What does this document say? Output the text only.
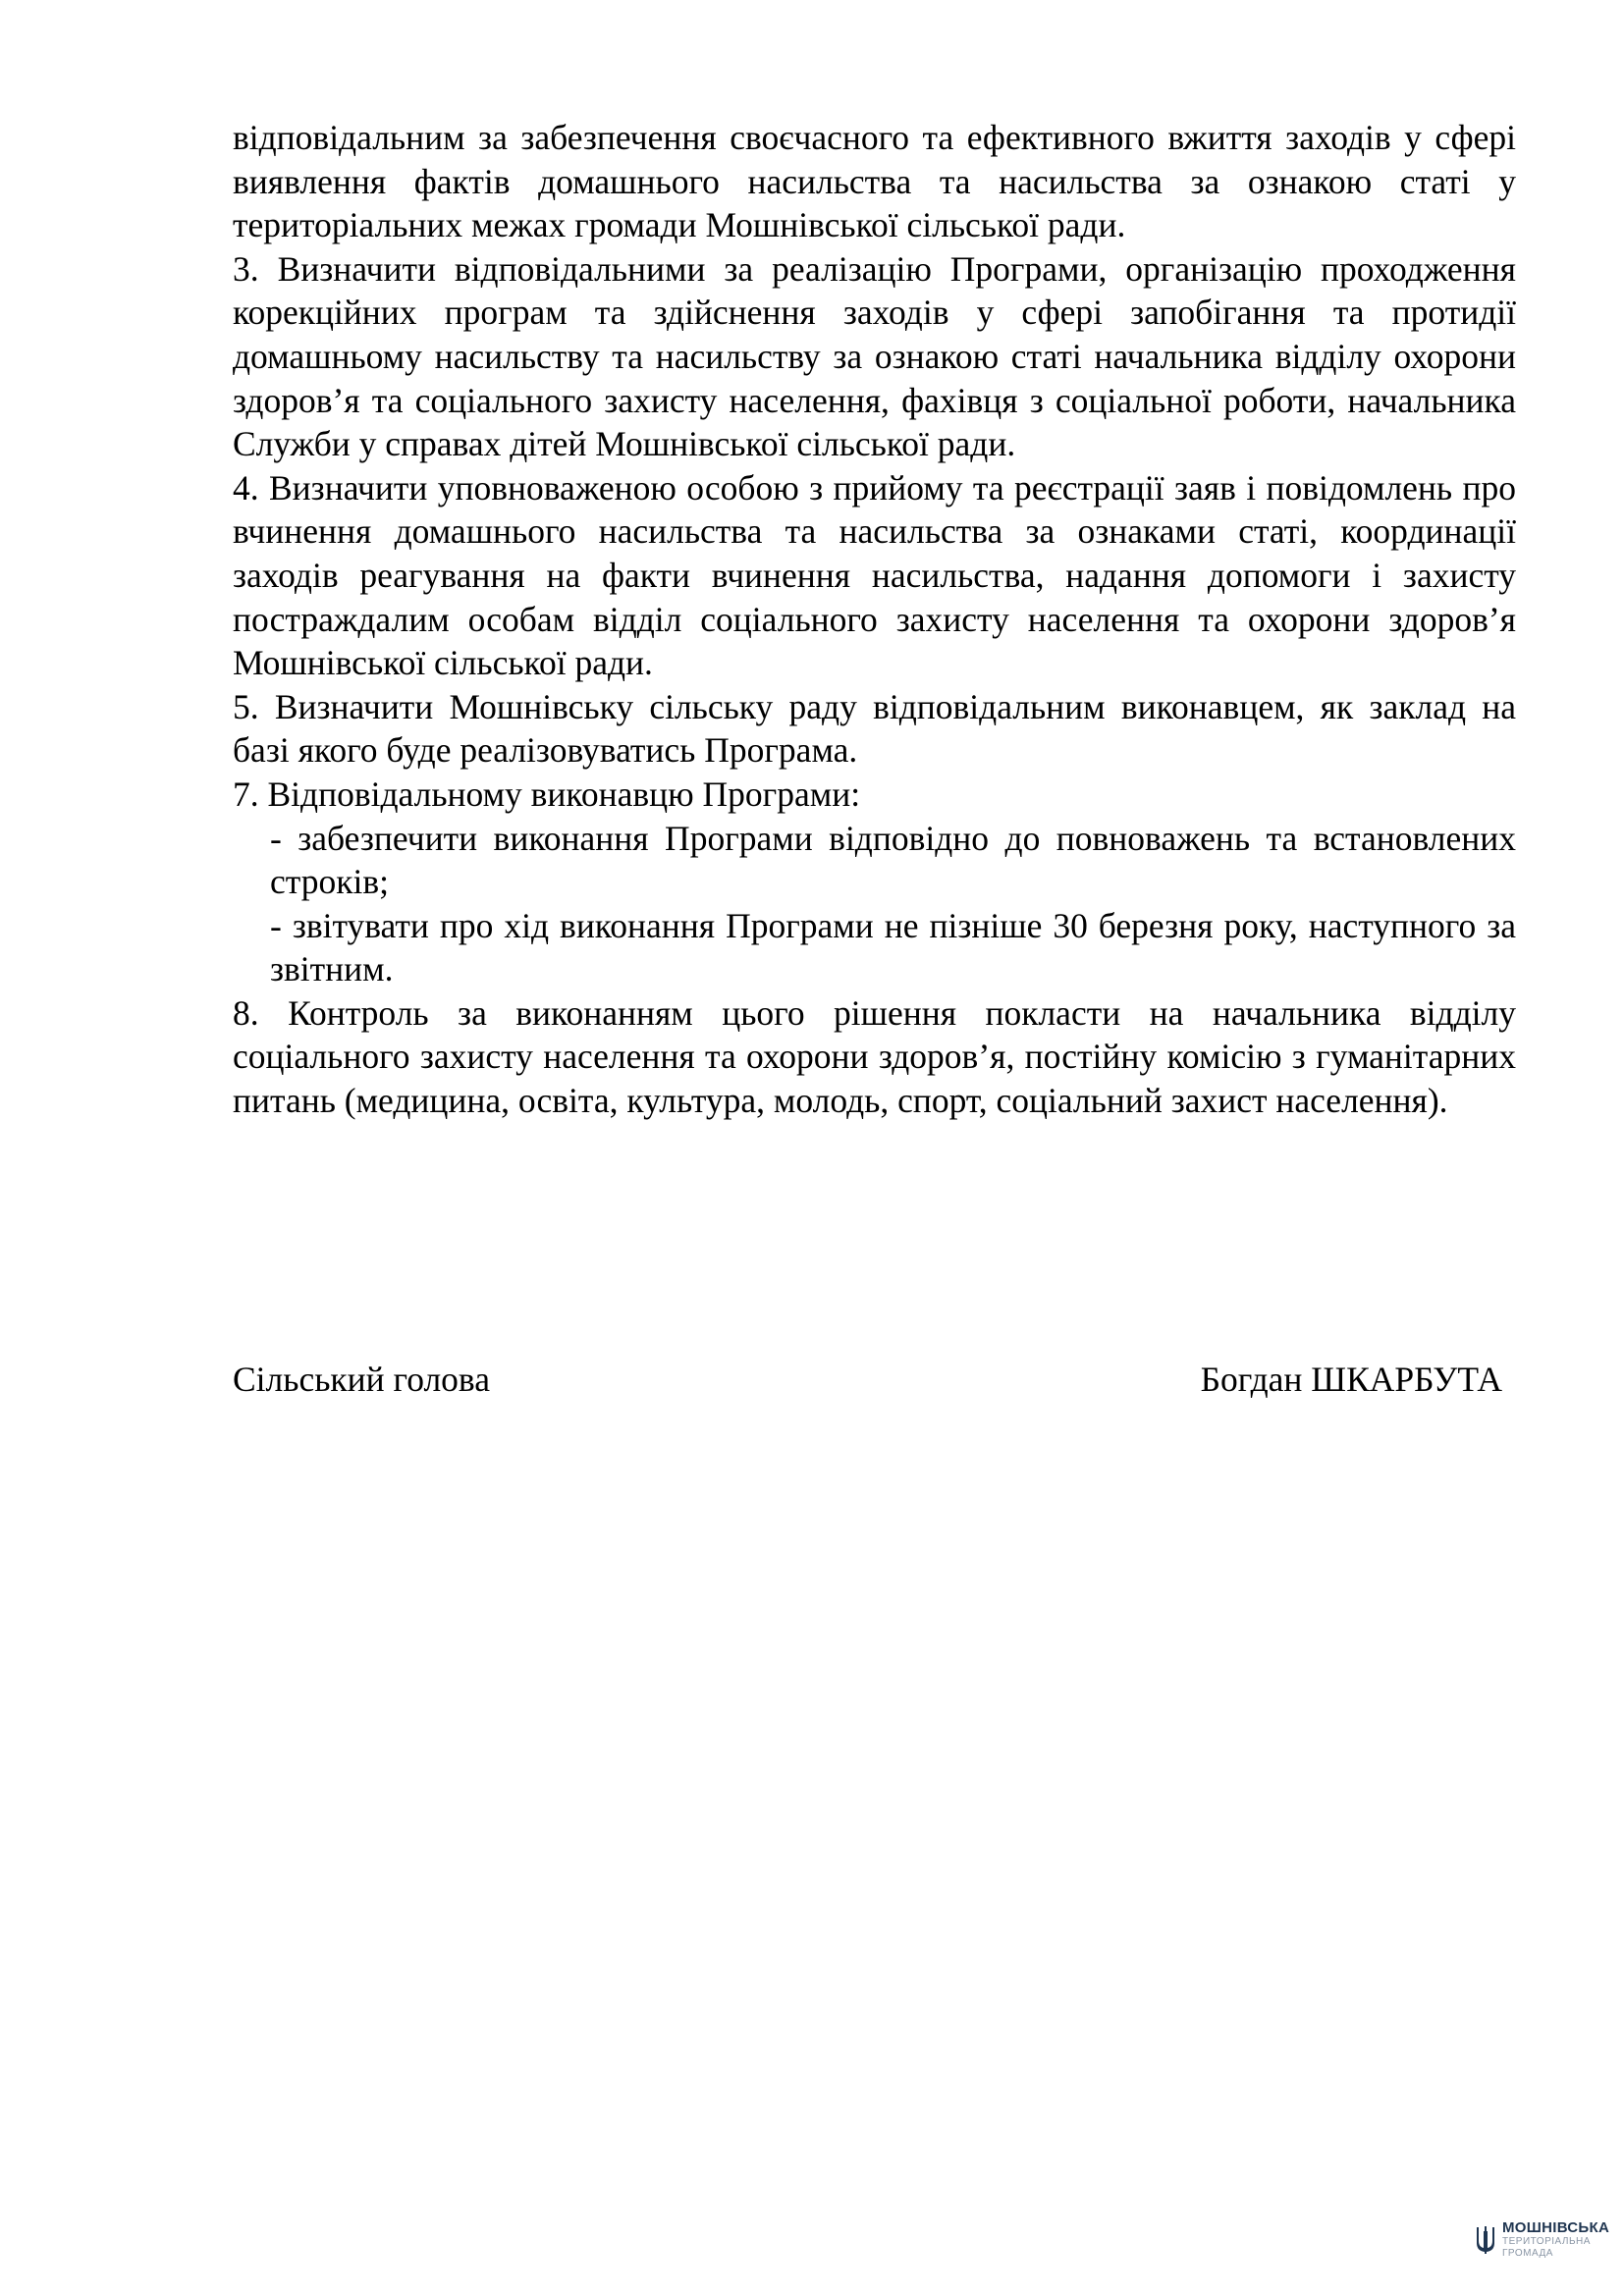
відповідальним за забезпечення своєчасного та ефективного вжиття заходів у сфері виявлення фактів домашнього насильства та насильства за ознакою статі у територіальних межах громади Мошнівської сільської ради.

3. Визначити відповідальними за реалізацію Програми, організацію проходження корекційних програм та здійснення заходів у сфері запобігання та протидії домашньому насильству та насильству за ознакою статі начальника відділу охорони здоров’я та соціального захисту населення, фахівця з соціальної роботи, начальника Служби у справах дітей Мошнівської сільської ради.

4. Визначити уповноваженою особою з прийому та реєстрації заяв і повідомлень про вчинення домашнього насильства та насильства за ознаками статі, координації заходів реагування на факти вчинення насильства, надання допомоги і захисту постраждалим особам відділ соціального захисту населення та охорони здоров’я Мошнівської сільської ради.

5. Визначити Мошнівську сільську раду відповідальним виконавцем, як заклад на базі якого буде реалізовуватись Програма.

7. Відповідальному виконавцю Програми:

- забезпечити виконання Програми відповідно до повноважень та встановлених строків;

- звітувати про хід виконання Програми не пізніше 30 березня року, наступного за звітним.

8. Контроль за виконанням цього рішення покласти на начальника відділу соціального захисту населення та охорони здоров’я, постійну комісію з гуманітарних питань (медицина, освіта, культура, молодь, спорт, соціальний захист населення).

Сільський голова	Богдан ШКАРБУТА
МОШНІВСЬКА
ТЕРИТОРІАЛЬНА
ГРОМАДА
